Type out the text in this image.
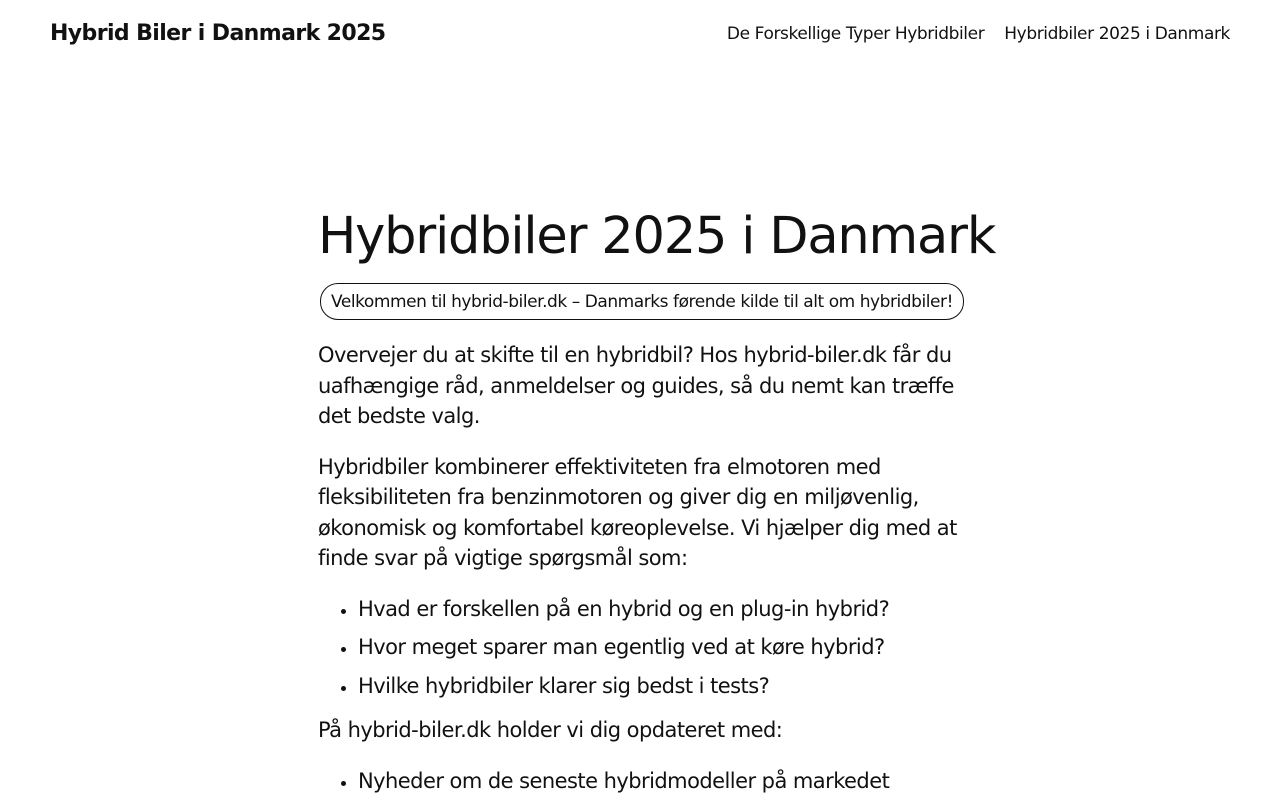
Hybrid Biler i Danmark 2025	De Forskellige Typer Hybridbiler Hybridbiler 2025 i Danmark
Hybridbiler 2025 i Danmark
Velkommen til hybrid-biler.dk – Danmarks førende kilde til alt om hybridbiler!

Overvejer du at skifte til en hybridbil? Hos hybrid-biler.dk får du uafhængige råd, anmeldelser og guides, så du nemt kan træffe det bedste valg.

Hybridbiler kombinerer effektiviteten fra elmotoren med fleksibiliteten fra benzinmotoren og giver dig en miljøvenlig, økonomisk og komfortabel køreoplevelse. Vi hjælper dig med at finde svar på vigtige spørgsmål som:

• Hvad er forskellen på en hybrid og en plug-in hybrid?
• Hvor meget sparer man egentlig ved at køre hybrid?
• Hvilke hybridbiler klarer sig bedst i tests?

På hybrid-biler.dk holder vi dig opdateret med:

• Nyheder om de seneste hybridmodeller på markedet
